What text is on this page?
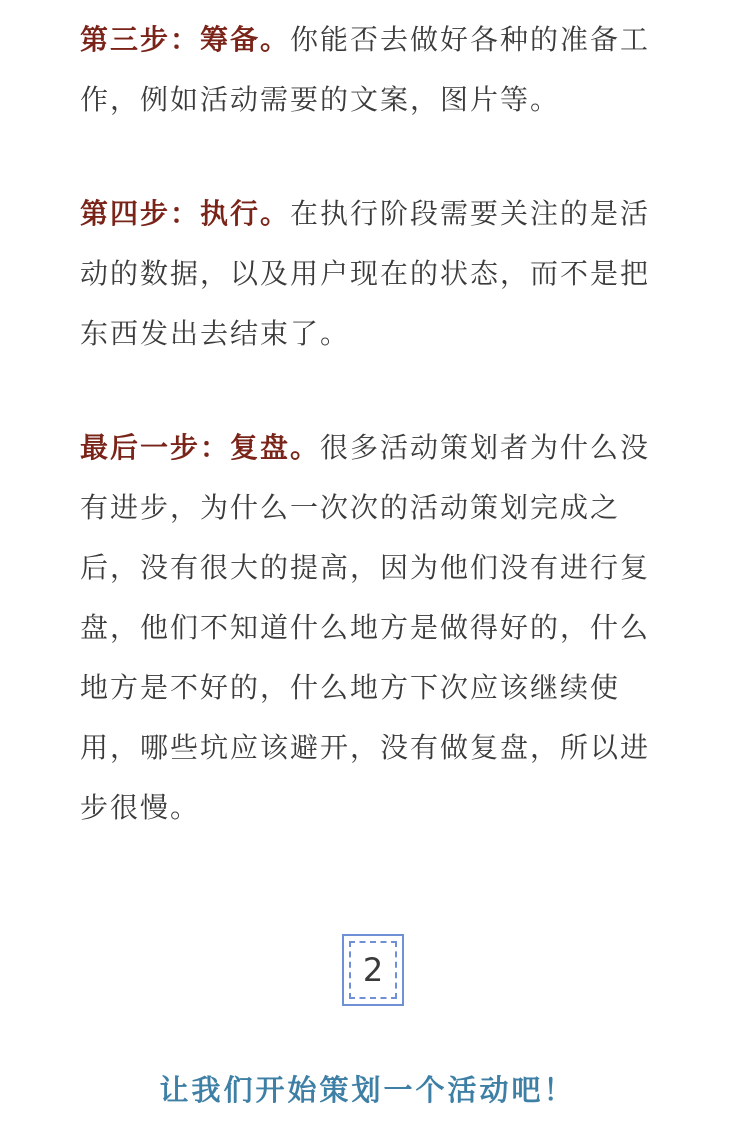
第三步：筹备。你能否去做好各种的准备工作，例如活动需要的文案，图片等。

第四步：执行。在执行阶段需要关注的是活动的数据，以及用户现在的状态，而不是把东西发出去结束了。

最后一步：复盘。很多活动策划者为什么没有进步，为什么一次次的活动策划完成之后，没有很大的提高，因为他们没有进行复盘，他们不知道什么地方是做得好的，什么地方是不好的，什么地方下次应该继续使用，哪些坑应该避开，没有做复盘，所以进步很慢。

2
让我们开始策划一个活动吧！
